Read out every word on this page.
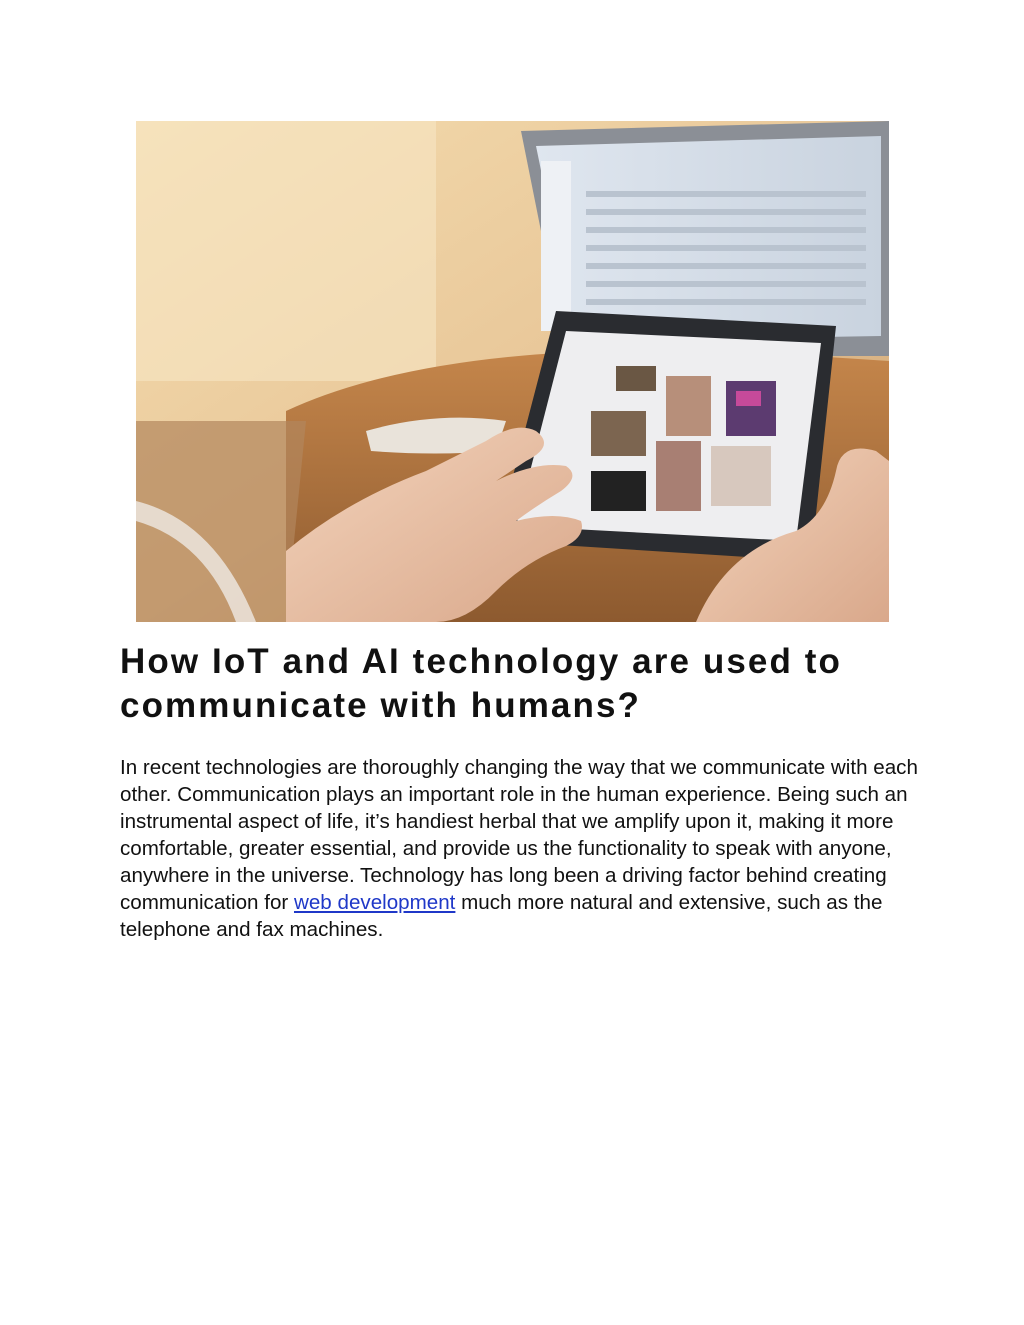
How IoT and AI technology are used to communicate with humans?

In recent technologies are thoroughly changing the way that we communicate with each other. Communication plays an important role in the human experience. Being such an instrumental aspect of life, it’s handiest herbal that we amplify upon it, making it more comfortable, greater essential, and provide us the functionality to speak with anyone, anywhere in the universe. Technology has long been a driving factor behind creating communication for web development much more natural and extensive, such as the telephone and fax machines.
